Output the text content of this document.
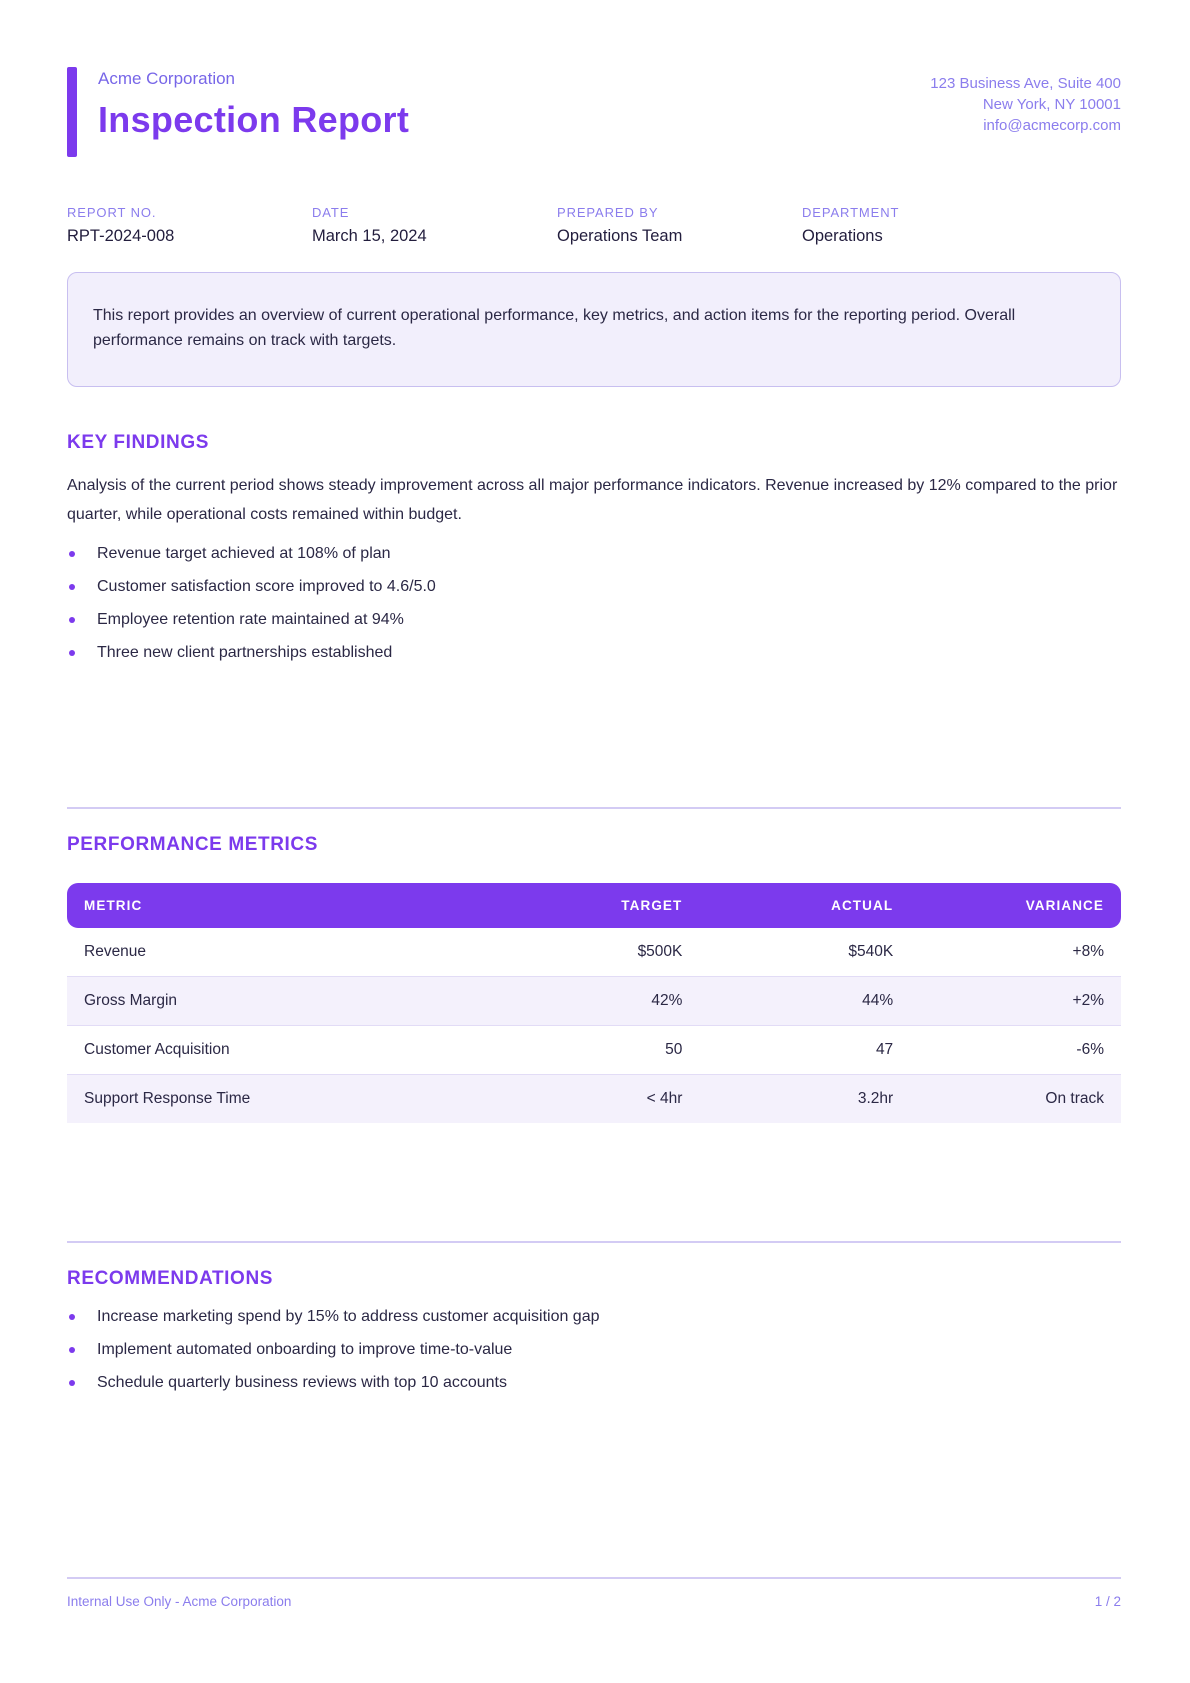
Acme Corporation
Inspection Report
123 Business Ave, Suite 400
New York, NY 10001
info@acmecorp.com
REPORT NO.
RPT-2024-008
DATE
March 15, 2024
PREPARED BY
Operations Team
DEPARTMENT
Operations
This report provides an overview of current operational performance, key metrics, and action items for the reporting period. Overall performance remains on track with targets.
KEY FINDINGS
Analysis of the current period shows steady improvement across all major performance indicators. Revenue increased by 12% compared to the prior quarter, while operational costs remained within budget.
Revenue target achieved at 108% of plan
Customer satisfaction score improved to 4.6/5.0
Employee retention rate maintained at 94%
Three new client partnerships established
PERFORMANCE METRICS
METRIC	TARGET	ACTUAL	VARIANCE
Revenue	$500K	$540K	+8%
Gross Margin	42%	44%	+2%
Customer Acquisition	50	47	-6%
Support Response Time	< 4hr	3.2hr	On track
RECOMMENDATIONS
Increase marketing spend by 15% to address customer acquisition gap
Implement automated onboarding to improve time-to-value
Schedule quarterly business reviews with top 10 accounts
Internal Use Only - Acme Corporation	1 / 2
